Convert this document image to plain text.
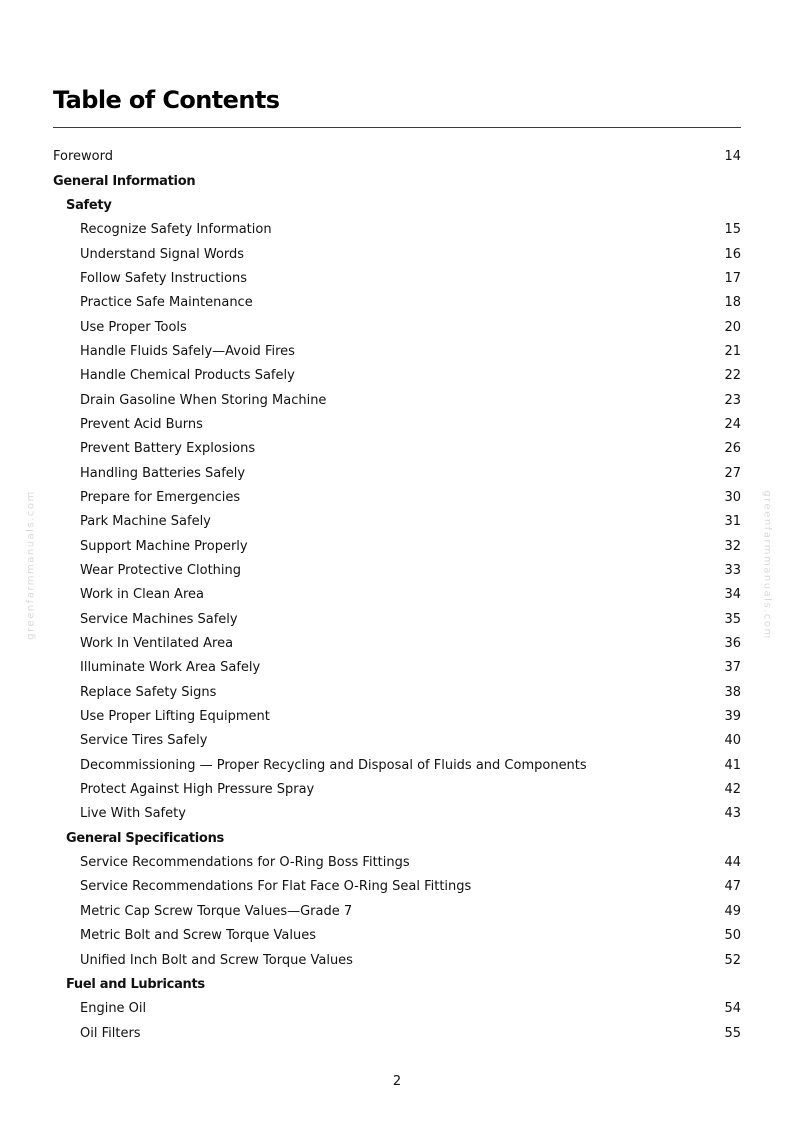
Table of Contents
Foreword	14
General Information
Safety
Recognize Safety Information	15
Understand Signal Words	16
Follow Safety Instructions	17
Practice Safe Maintenance	18
Use Proper Tools	20
Handle Fluids Safely—Avoid Fires	21
Handle Chemical Products Safely	22
Drain Gasoline When Storing Machine	23
Prevent Acid Burns	24
Prevent Battery Explosions	26
Handling Batteries Safely	27
Prepare for Emergencies	30
Park Machine Safely	31
Support Machine Properly	32
Wear Protective Clothing	33
Work in Clean Area	34
Service Machines Safely	35
Work In Ventilated Area	36
Illuminate Work Area Safely	37
Replace Safety Signs	38
Use Proper Lifting Equipment	39
Service Tires Safely	40
Decommissioning — Proper Recycling and Disposal of Fluids and Components	41
Protect Against High Pressure Spray	42
Live With Safety	43
General Specifications
Service Recommendations for O-Ring Boss Fittings	44
Service Recommendations For Flat Face O-Ring Seal Fittings	47
Metric Cap Screw Torque Values—Grade 7	49
Metric Bolt and Screw Torque Values	50
Unified Inch Bolt and Screw Torque Values	52
Fuel and Lubricants
Engine Oil	54
Oil Filters	55
greenfarmmanuals.com	greenfarmmanuals.com
2
